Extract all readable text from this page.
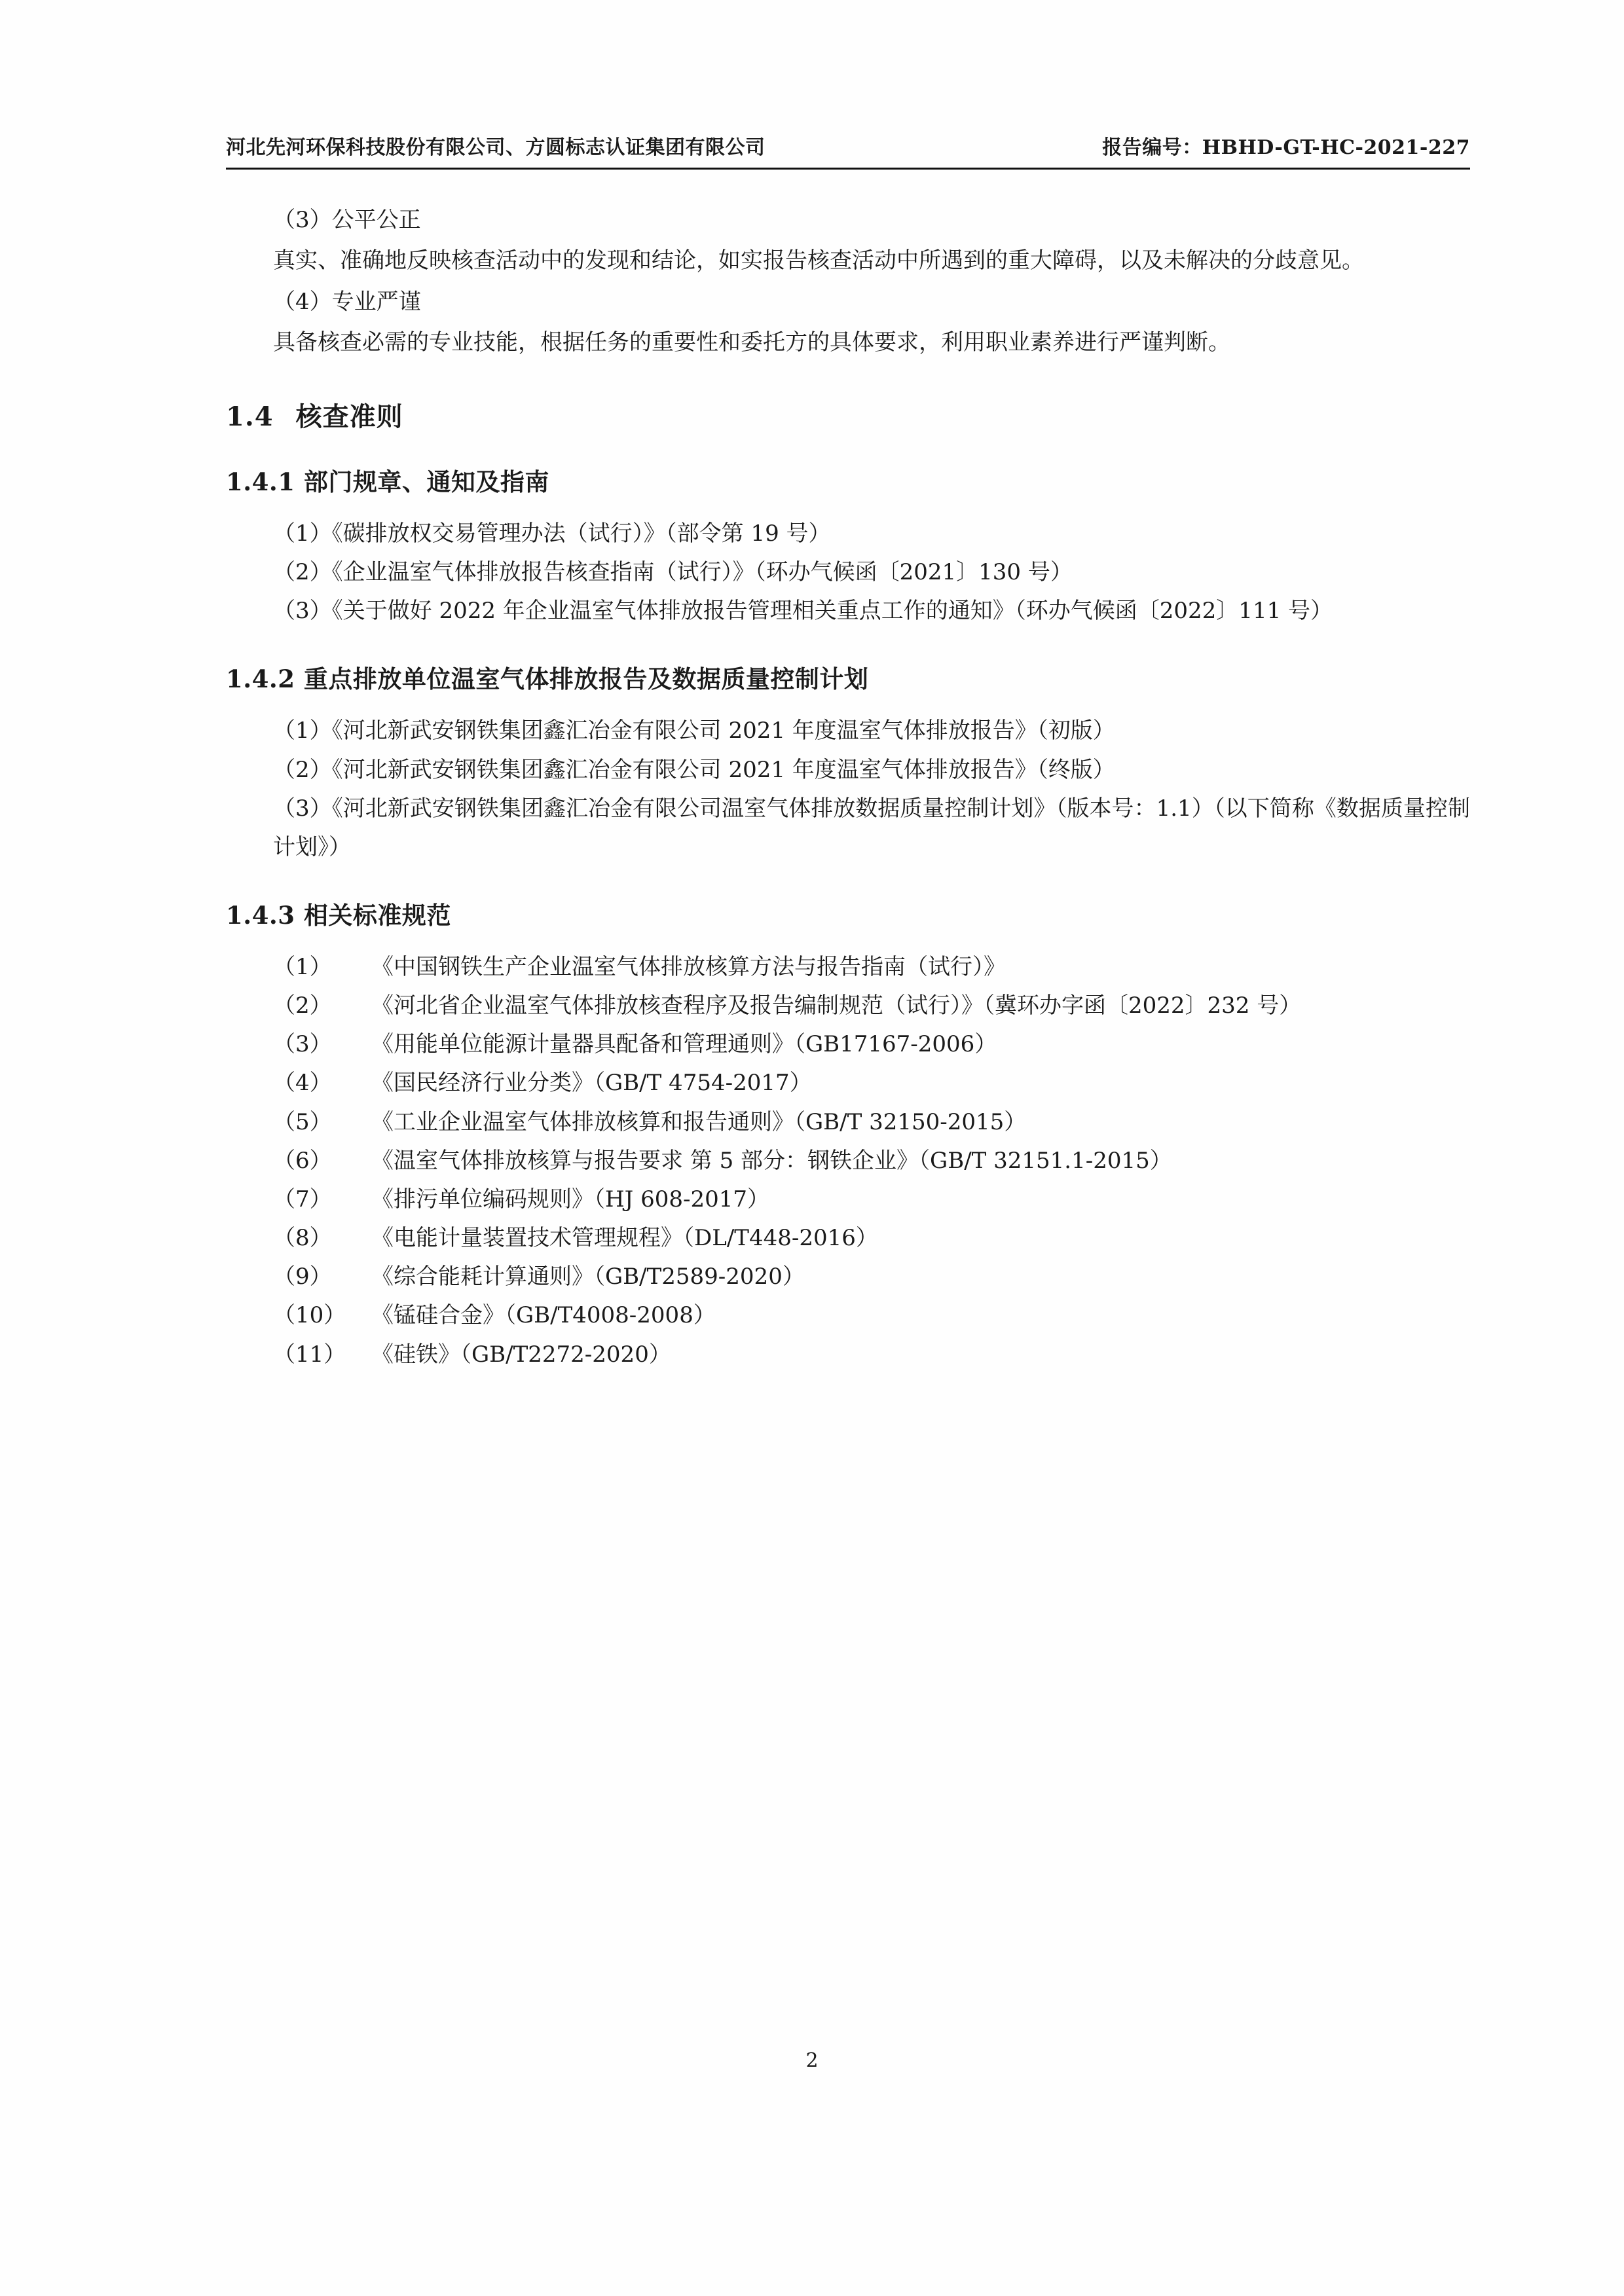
河北先河环保科技股份有限公司、方圆标志认证集团有限公司	报告编号：HBHD-GT-HC-2021-227

（3）公平公正

真实、准确地反映核查活动中的发现和结论，如实报告核查活动中所遇到的重大障碍，以及未解决的分歧意见。

（4）专业严谨

具备核查必需的专业技能，根据任务的重要性和委托方的具体要求，利用职业素养进行严谨判断。

1.4 核查准则
1.4.1 部门规章、通知及指南

（1）《碳排放权交易管理办法（试行）》（部令第 19 号）

（2）《企业温室气体排放报告核查指南（试行）》（环办气候函〔2021〕130 号）

（3）《关于做好 2022 年企业温室气体排放报告管理相关重点工作的通知》（环办气候函〔2022〕111 号）

1.4.2 重点排放单位温室气体排放报告及数据质量控制计划

（1）《河北新武安钢铁集团鑫汇冶金有限公司 2021 年度温室气体排放报告》（初版）

（2）《河北新武安钢铁集团鑫汇冶金有限公司 2021 年度温室气体排放报告》（终版）

（3）《河北新武安钢铁集团鑫汇冶金有限公司温室气体排放数据质量控制计划》（版本号：1.1）（以下简称《数据质量控制计划》）

1.4.3 相关标准规范

（1） 《中国钢铁生产企业温室气体排放核算方法与报告指南（试行）》

（2） 《河北省企业温室气体排放核查程序及报告编制规范（试行）》（冀环办字函〔2022〕232 号）

（3） 《用能单位能源计量器具配备和管理通则》（GB17167-2006）

（4） 《国民经济行业分类》（GB/T 4754-2017）

（5） 《工业企业温室气体排放核算和报告通则》（GB/T 32150-2015）

（6） 《温室气体排放核算与报告要求 第 5 部分：钢铁企业》（GB/T 32151.1-2015）

（7） 《排污单位编码规则》（HJ 608-2017）

（8） 《电能计量装置技术管理规程》（DL/T448-2016）

（9） 《综合能耗计算通则》（GB/T2589-2020）

（10） 《锰硅合金》（GB/T4008-2008）

（11） 《硅铁》（GB/T2272-2020）

2
